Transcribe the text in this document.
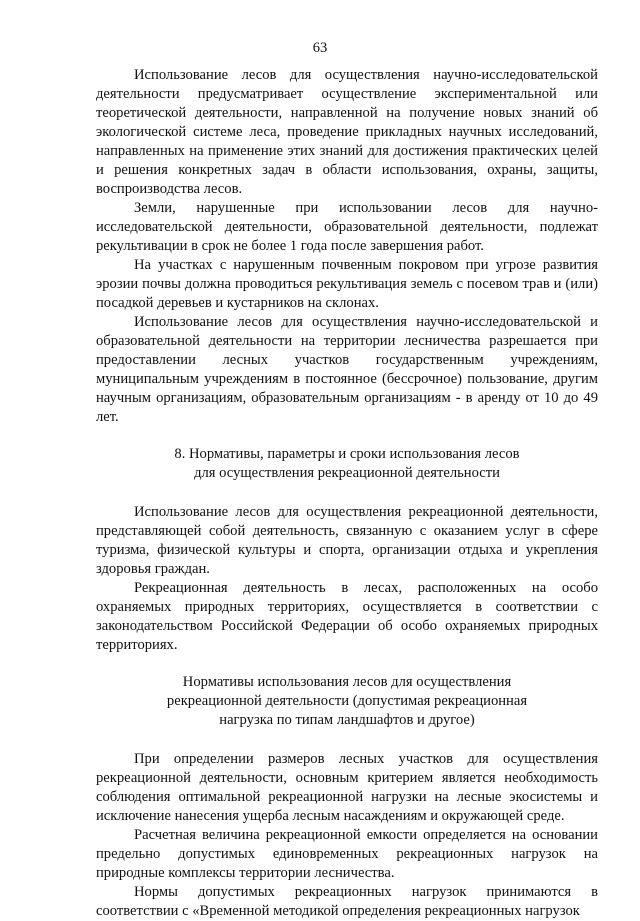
63

Использование лесов для осуществления научно-исследовательской деятельности предусматривает осуществление экспериментальной или теоретической деятельности, направленной на получение новых знаний об экологической системе леса, проведение прикладных научных исследований, направленных на применение этих знаний для достижения практических целей и решения конкретных задач в области использования, охраны, защиты, воспроизводства лесов.

Земли, нарушенные при использовании лесов для научно-исследовательской деятельности, образовательной деятельности, подлежат рекультивации в срок не более 1 года после завершения работ.

На участках с нарушенным почвенным покровом при угрозе развития эрозии почвы должна проводиться рекультивация земель с посевом трав и (или) посадкой деревьев и кустарников на склонах.

Использование лесов для осуществления научно-исследовательской и образовательной деятельности на территории лесничества разрешается при предоставлении лесных участков государственным учреждениям, муниципальным учреждениям в постоянное (бессрочное) пользование, другим научным организациям, образовательным организациям - в аренду от 10 до 49 лет.

8. Нормативы, параметры и сроки использования лесов
для осуществления рекреационной деятельности

Использование лесов для осуществления рекреационной деятельности, представляющей собой деятельность, связанную с оказанием услуг в сфере туризма, физической культуры и спорта, организации отдыха и укрепления здоровья граждан.

Рекреационная деятельность в лесах, расположенных на особо охраняемых природных территориях, осуществляется в соответствии с законодательством Российской Федерации об особо охраняемых природных территориях.

Нормативы использования лесов для осуществления
рекреационной деятельности (допустимая рекреационная
нагрузка по типам ландшафтов и другое)

При определении размеров лесных участков для осуществления рекреационной деятельности, основным критерием является необходимость соблюдения оптимальной рекреационной нагрузки на лесные экосистемы и исключение нанесения ущерба лесным насаждениям и окружающей среде.

Расчетная величина рекреационной емкости определяется на основании предельно допустимых единовременных рекреационных нагрузок на природные комплексы территории лесничества.

Нормы допустимых рекреационных нагрузок принимаются в соответствии с «Временной методикой определения рекреационных нагрузок
